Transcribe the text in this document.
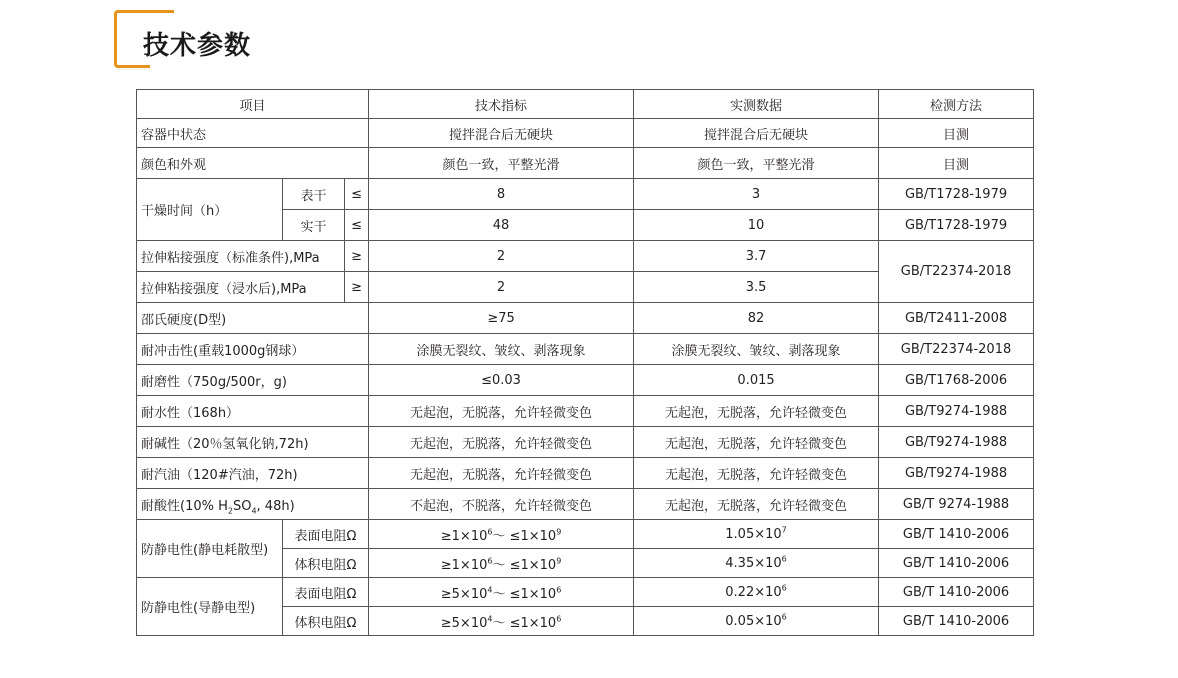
技术参数
项目			技术指标	实测数据	检测方法
容器中状态			搅拌混合后无硬块	搅拌混合后无硬块	目测
颜色和外观			颜色一致，平整光滑	颜色一致，平整光滑	目测
干燥时间（h）	表干	≤	8	3	GB/T1728-1979
	实干	≤	48	10	GB/T1728-1979
拉伸粘接强度（标准条件),MPa		≥	2	3.7	GB/T22374-2018
拉伸粘接强度（浸水后),MPa		≥	2	3.5	
邵氏硬度(D型)			≥75	82	GB/T2411-2008
耐冲击性(重载1000g钢球）			涂膜无裂纹、皱纹、剥落现象	涂膜无裂纹、皱纹、剥落现象	GB/T22374-2018
耐磨性（750g/500r，g)			≤0.03	0.015	GB/T1768-2006
耐水性（168h）			无起泡，无脱落，允许轻微变色	无起泡，无脱落，允许轻微变色	GB/T9274-1988
耐碱性（20％氢氧化钠,72h)			无起泡，无脱落，允许轻微变色	无起泡，无脱落，允许轻微变色	GB/T9274-1988
耐汽油（120#汽油，72h)			无起泡，无脱落，允许轻微变色	无起泡，无脱落，允许轻微变色	GB/T9274-1988
耐酸性(10% $H_2SO_4$, 48h)			不起泡，不脱落，允许轻微变色	无起泡，无脱落，允许轻微变色	GB/T 9274-1988
防静电性(静电耗散型)	表面电阻Ω		$\ge 1\times 10^6\sim \le 1\times 10^9$	$1.05\times 10^7$	GB/T 1410-2006
	体积电阻Ω		$\ge 1\times 10^6\sim \le 1\times 10^9$	$4.35\times 10^6$	GB/T 1410-2006
防静电性(导静电型)	表面电阻Ω		$\ge 5\times 10^4\sim \le 1\times 10^6$	$0.22\times 10^6$	GB/T 1410-2006
	体积电阻Ω		$\ge 5\times 10^4\sim \le 1\times 10^6$	$0.05\times 10^6$	GB/T 1410-2006
